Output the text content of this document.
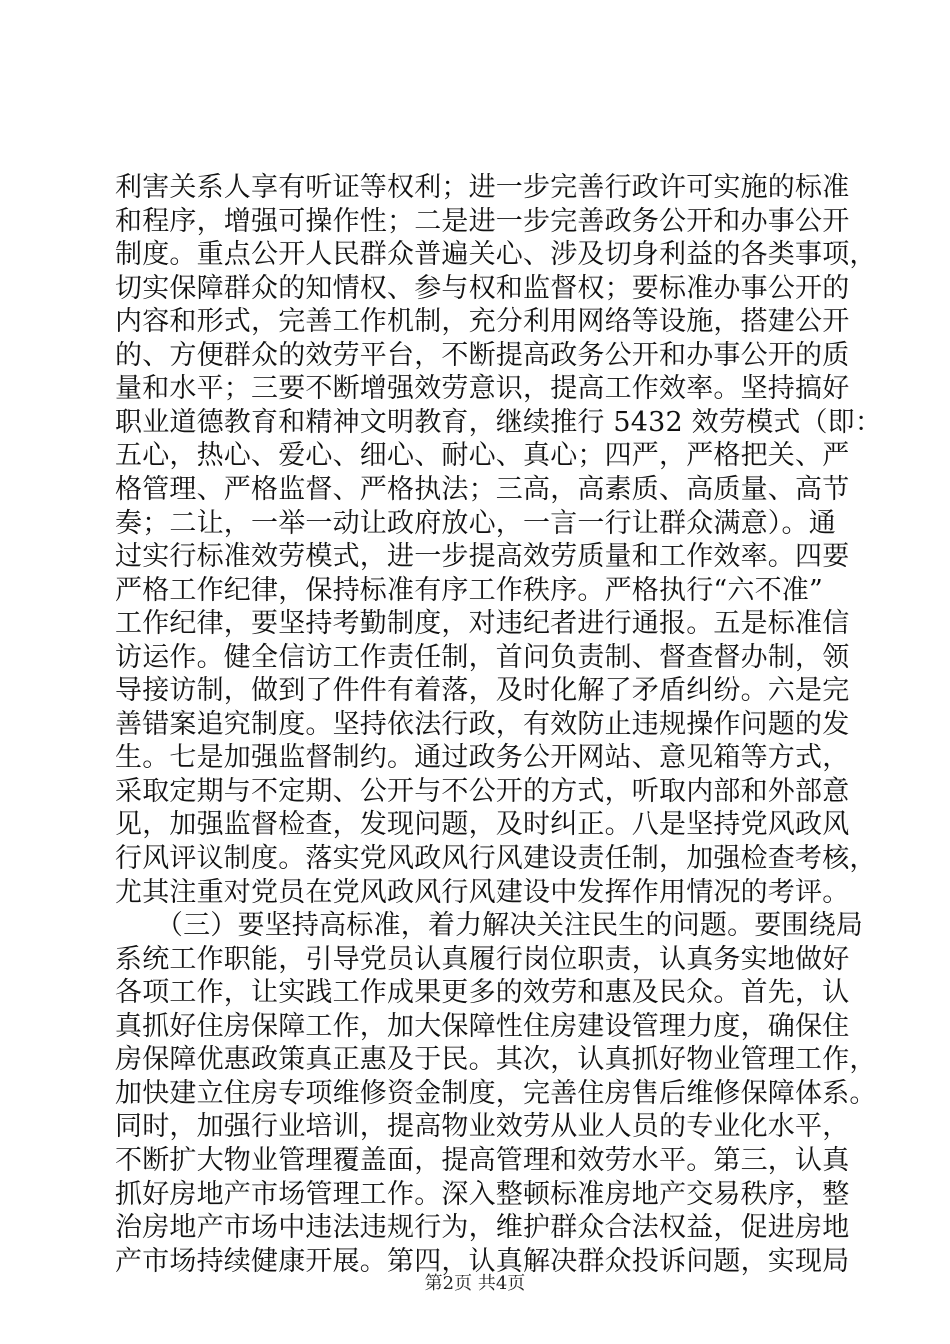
利害关系人享有听证等权利；进一步完善行政许可实施的标准
和程序，增强可操作性；二是进一步完善政务公开和办事公开
制度。重点公开人民群众普遍关心、涉及切身利益的各类事项，
切实保障群众的知情权、参与权和监督权；要标准办事公开的
内容和形式，完善工作机制，充分利用网络等设施，搭建公开
的、方便群众的效劳平台，不断提高政务公开和办事公开的质
量和水平；三要不断增强效劳意识，提高工作效率。坚持搞好
职业道德教育和精神文明教育，继续推行 5432 效劳模式（即：
五心，热心、爱心、细心、耐心、真心；四严，严格把关、严
格管理、严格监督、严格执法；三高，高素质、高质量、高节
奏；二让，一举一动让政府放心，一言一行让群众满意）。通
过实行标准效劳模式，进一步提高效劳质量和工作效率。四要
严格工作纪律，保持标准有序工作秩序。严格执行“六不准”
工作纪律，要坚持考勤制度，对违纪者进行通报。五是标准信
访运作。健全信访工作责任制，首问负责制、督查督办制，领
导接访制，做到了件件有着落，及时化解了矛盾纠纷。六是完
善错案追究制度。坚持依法行政，有效防止违规操作问题的发
生。七是加强监督制约。通过政务公开网站、意见箱等方式，
采取定期与不定期、公开与不公开的方式，听取内部和外部意
见，加强监督检查，发现问题，及时纠正。八是坚持党风政风
行风评议制度。落实党风政风行风建设责任制，加强检查考核，
尤其注重对党员在党风政风行风建设中发挥作用情况的考评。
　　（三）要坚持高标准，着力解决关注民生的问题。要围绕局
系统工作职能，引导党员认真履行岗位职责，认真务实地做好
各项工作，让实践工作成果更多的效劳和惠及民众。首先，认
真抓好住房保障工作，加大保障性住房建设管理力度，确保住
房保障优惠政策真正惠及于民。其次，认真抓好物业管理工作，
加快建立住房专项维修资金制度，完善住房售后维修保障体系。
同时，加强行业培训，提高物业效劳从业人员的专业化水平，
不断扩大物业管理覆盖面，提高管理和效劳水平。第三，认真
抓好房地产市场管理工作。深入整顿标准房地产交易秩序，整
治房地产市场中违法违规行为，维护群众合法权益，促进房地
产市场持续健康开展。第四，认真解决群众投诉问题，实现局
第2页 共4页
